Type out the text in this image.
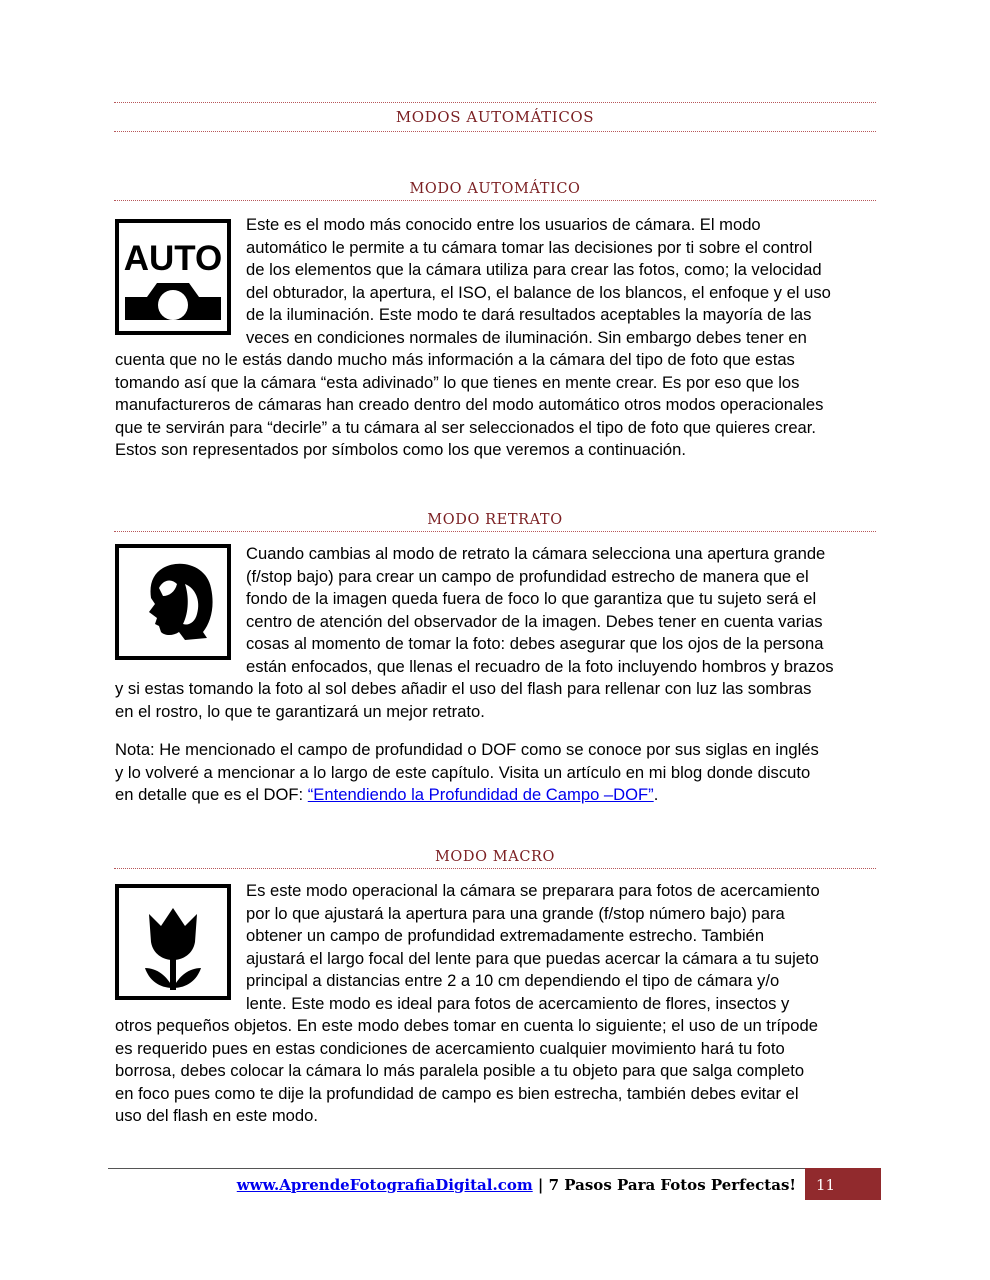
MODOS AUTOMÁTICOS
MODO AUTOMÁTICO
AUTO
Este es el modo más conocido entre los usuarios de cámara. El modo
automático le permite a tu cámara tomar las decisiones por ti sobre el control
de los elementos que la cámara utiliza para crear las fotos, como; la velocidad
del obturador, la apertura, el ISO, el balance de los blancos, el enfoque y el uso
de la iluminación. Este modo te dará resultados aceptables la mayoría de las
veces en condiciones normales de iluminación. Sin embargo debes tener en
cuenta que no le estás dando mucho más información a la cámara del tipo de foto que estas
tomando así que la cámara “esta adivinado” lo que tienes en mente crear. Es por eso que los
manufactureros de cámaras han creado dentro del modo automático otros modos operacionales
que te servirán para “decirle” a tu cámara al ser seleccionados el tipo de foto que quieres crear.
Estos son representados por símbolos como los que veremos a continuación.
MODO RETRATO
Cuando cambias al modo de retrato la cámara selecciona una apertura grande
(f/stop bajo) para crear un campo de profundidad estrecho de manera que el
fondo de la imagen queda fuera de foco lo que garantiza que tu sujeto será el
centro de atención del observador de la imagen. Debes tener en cuenta varias
cosas al momento de tomar la foto: debes asegurar que los ojos de la persona
están enfocados, que llenas el recuadro de la foto incluyendo hombros y brazos
y si estas tomando la foto al sol debes añadir el uso del flash para rellenar con luz las sombras
en el rostro, lo que te garantizará un mejor retrato.
Nota: He mencionado el campo de profundidad o DOF como se conoce por sus siglas en inglés
y lo volveré a mencionar a lo largo de este capítulo. Visita un artículo en mi blog donde discuto
en detalle que es el DOF: “Entendiendo la Profundidad de Campo –DOF”.
MODO MACRO
Es este modo operacional la cámara se preparara para fotos de acercamiento
por lo que ajustará la apertura para una grande (f/stop número bajo) para
obtener un campo de profundidad extremadamente estrecho. También
ajustará el largo focal del lente para que puedas acercar la cámara a tu sujeto
principal a distancias entre 2 a 10 cm dependiendo el tipo de cámara y/o
lente. Este modo es ideal para fotos de acercamiento de flores, insectos y
otros pequeños objetos. En este modo debes tomar en cuenta lo siguiente; el uso de un trípode
es requerido pues en estas condiciones de acercamiento cualquier movimiento hará tu foto
borrosa, debes colocar la cámara lo más paralela posible a tu objeto para que salga completo
en foco pues como te dije la profundidad de campo es bien estrecha, también debes evitar el
uso del flash en este modo.
www.AprendeFotografiaDigital.com | 7 Pasos Para Fotos Perfectas!	11
